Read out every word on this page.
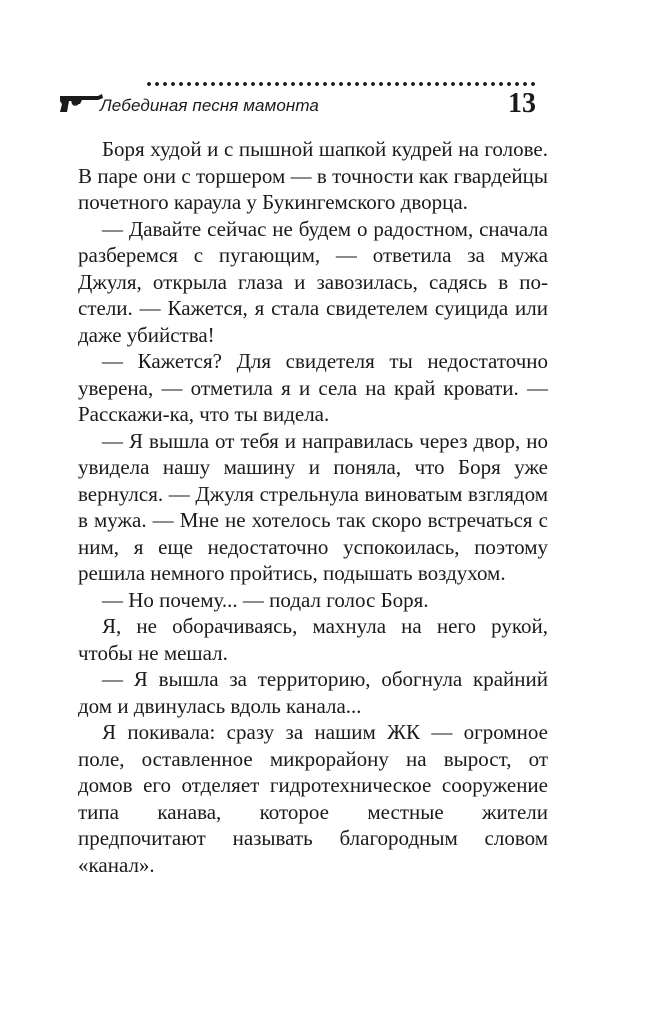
Лебединая песня мамонта	13

Боря худой и с пышной шапкой кудрей на голове. В паре они с торшером — в точности как гвардейцы почетного караула у Букингемского дворца.

— Давайте сейчас не будем о радостном, сначала разберемся с пугающим, — ответила за мужа Джуля, открыла глаза и завозилась, садясь в постели. — Кажется, я стала свидетелем суицида или даже убийства!

— Кажется? Для свидетеля ты недостаточно уверена, — отметила я и села на край кровати. — Расскажи-ка, что ты видела.

— Я вышла от тебя и направилась через двор, но увидела нашу машину и поняла, что Боря уже вернулся. — Джуля стрельнула виноватым взглядом в мужа. — Мне не хотелось так скоро встречаться с ним, я еще недостаточно успокоилась, поэтому решила немного пройтись, подышать воздухом.

— Но почему... — подал голос Боря.

Я, не оборачиваясь, махнула на него рукой, чтобы не мешал.

— Я вышла за территорию, обогнула крайний дом и двинулась вдоль канала...

Я покивала: сразу за нашим ЖК — огромное поле, оставленное микрорайону на вырост, от домов его отделяет гидротехническое сооружение типа канава, которое местные жители предпочитают называть благородным словом «канал».
